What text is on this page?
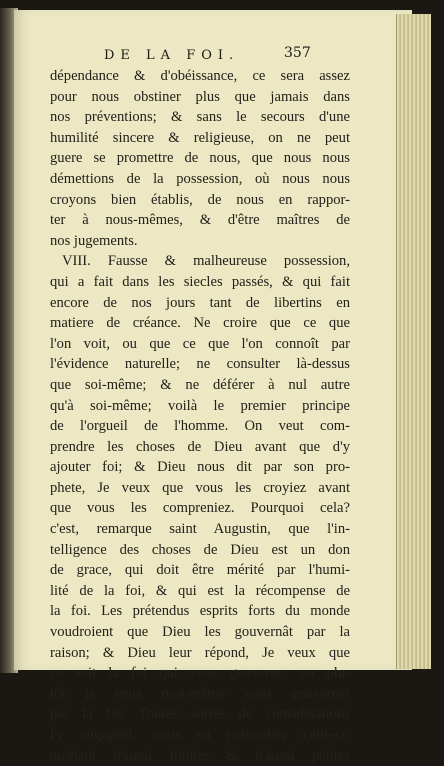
DE LA FOI.	357
dépendance & d'obéissance, ce sera assez
pour nous obstiner plus que jamais dans
nos préventions; & sans le secours d'une
humilité sincere & religieuse, on ne peut
guere se promettre de nous, que nous nous
démettions de la possession, où nous nous
croyons bien établis, de nous en rappor-
ter à nous-mêmes, & d'être maîtres de
nos jugements.
VIII. Fausse & malheureuse possession,
qui a fait dans les siecles passés, & qui fait
encore de nos jours tant de libertins en
matiere de créance. Ne croire que ce que
l'on voit, ou que ce que l'on connoît par
l'évidence naturelle; ne consulter là-dessus
que soi-même; & ne déférer à nul autre
qu'à soi-même; voilà le premier principe
de l'orgueil de l'homme. On veut com-
prendre les choses de Dieu avant que d'y
ajouter foi; & Dieu nous dit par son pro-
phete, Je veux que vous les croyiez avant
que vous les compreniez. Pourquoi cela?
c'est, remarque saint Augustin, que l'in-
telligence des choses de Dieu est un don
de grace, qui doit être mérité par l'humi-
lité de la foi, & qui est la récompense de
la foi. Les prétendus esprits forts du monde
voudroient que Dieu les gouvernât par la
raison; & Dieu leur répond, Je veux que
ce soit la foi qui vous gouverne, ou plu-
tôt je veux moi-même vous gouverner
par la foi. Toutes sortes de considérations
l'y engagent, mais en particulier celle-ci:
qu'étant d'aussi foibles & d'aussi petites
